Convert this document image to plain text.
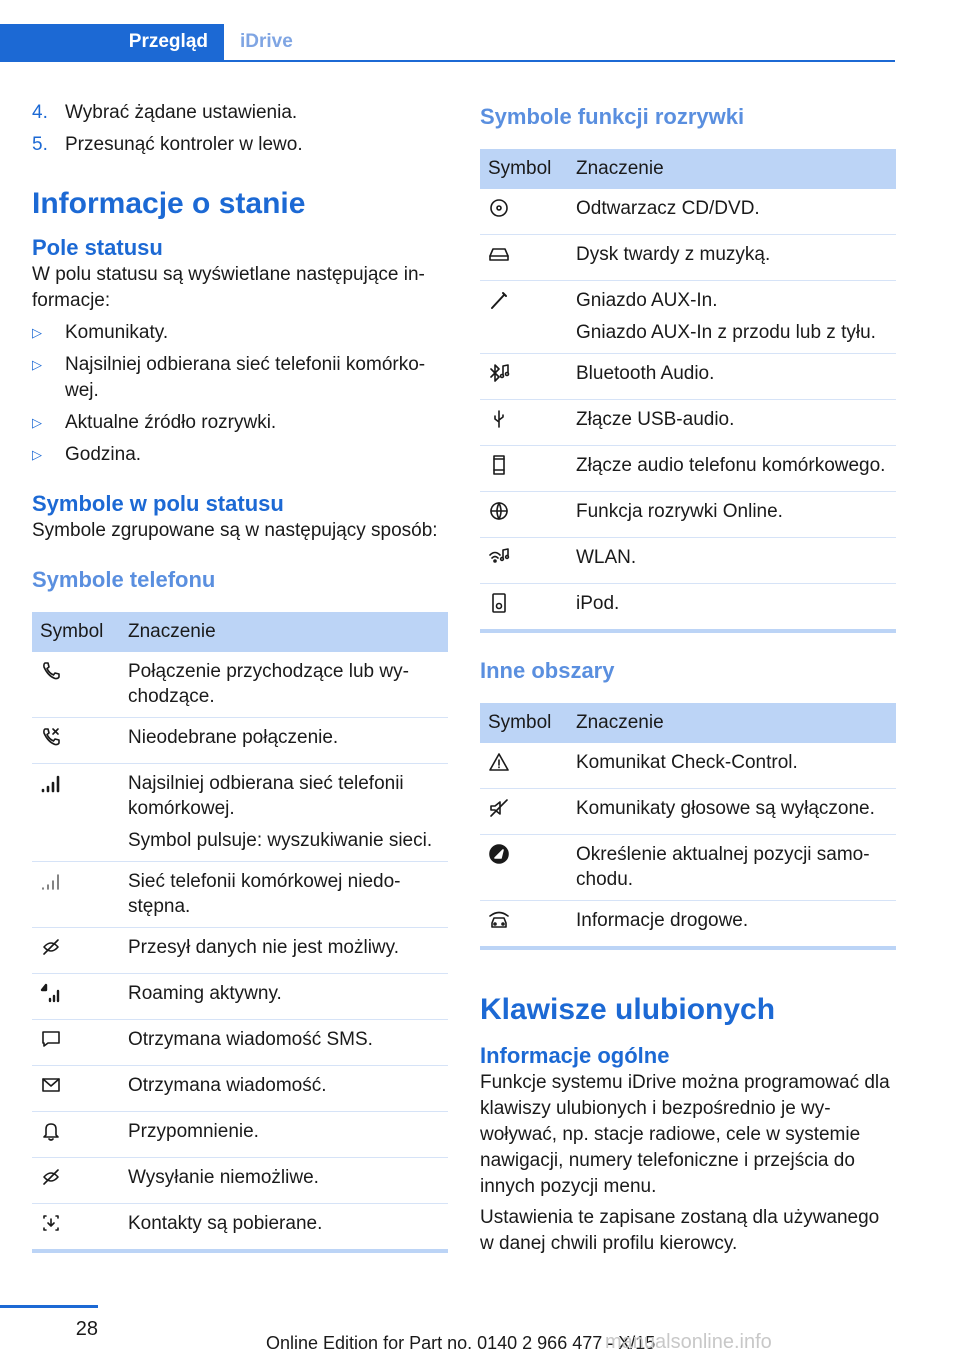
Przegląd	iDrive
4. Wybrać żądane ustawienia.
5. Przesunąć kontroler w lewo.
Informacje o stanie
Pole statusu

W polu statusu są wyświetlane następujące informacje:

▷	Komunikaty.
▷	Najsilniej odbierana sieć telefonii komórkowej.
▷	Aktualne źródło rozrywki.
▷	Godzina.
Symbole w polu statusu

Symbole zgrupowane są w następujący sposób:

Symbole telefonu
Symbol	Znaczenie
	Połączenie przychodzące lub wychodzące.
	Nieodebrane połączenie.
	Najsilniej odbierana sieć telefonii komórkowej.
Symbol pulsuje: wyszukiwanie sieci.

	Sieć telefonii komórkowej niedostępna.
	Przesył danych nie jest możliwy.
	Roaming aktywny.
	Otrzymana wiadomość SMS.
	Otrzymana wiadomość.
	Przypomnienie.
	Wysyłanie niemożliwe.
	Kontakty są pobierane.
Symbole funkcji rozrywki
Symbol	Znaczenie
	Odtwarzacz CD/DVD.
	Dysk twardy z muzyką.
	Gniazdo AUX-In.
Gniazdo AUX-In z przodu lub z tyłu.

	Bluetooth Audio.
	Złącze USB-audio.
	Złącze audio telefonu komórkowego.
	Funkcja rozrywki Online.
	WLAN.
	iPod.
Inne obszary
Symbol	Znaczenie
	Komunikat Check-Control.
	Komunikaty głosowe są wyłączone.
	Określenie aktualnej pozycji samochodu.
	Informacje drogowe.
Klawisze ulubionych
Informacje ogólne

Funkcje systemu iDrive można programować dla klawiszy ulubionych i bezpośrednio je wywoływać, np. stacje radiowe, cele w systemie nawigacji, numery telefoniczne i przejścia do innych pozycji menu.

Ustawienia te zapisane zostaną dla używanego w danej chwili profilu kierowcy.

28
Online Edition for Part no. 0140 2 966 477 - X/15
manualsonline.info
